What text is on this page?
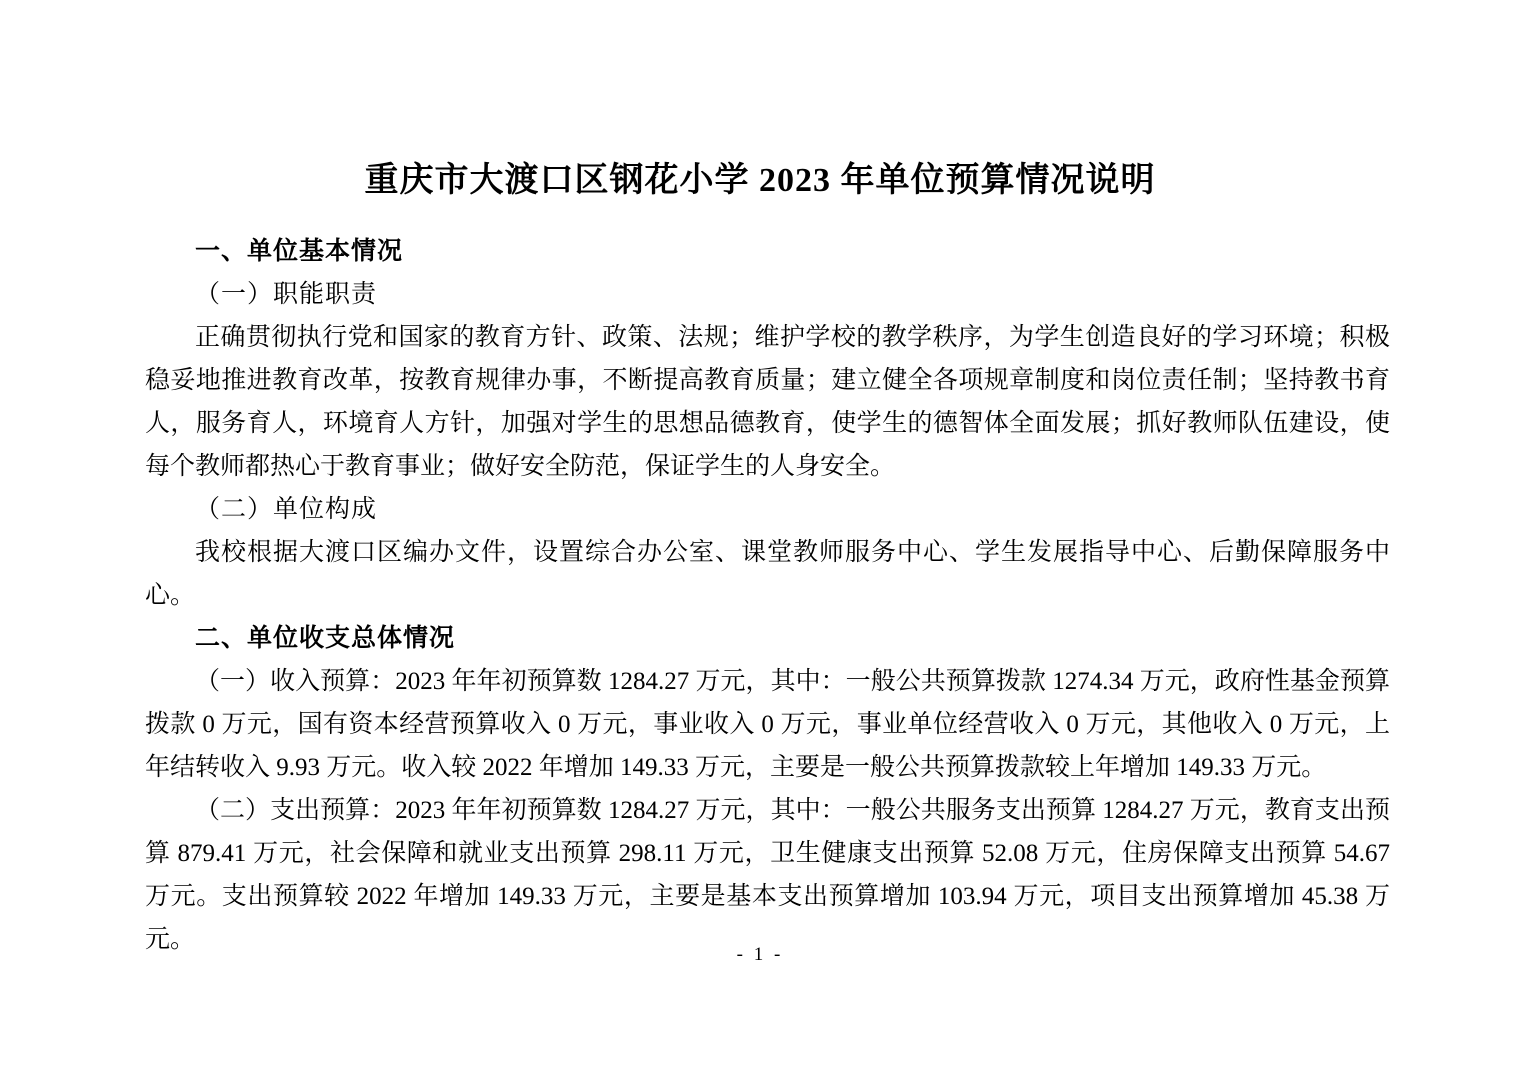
重庆市大渡口区钢花小学 2023 年单位预算情况说明

一、单位基本情况

（一）职能职责

正确贯彻执行党和国家的教育方针、政策、法规；维护学校的教学秩序，为学生创造良好的学习环境；积极稳妥地推进教育改革，按教育规律办事，不断提高教育质量；建立健全各项规章制度和岗位责任制；坚持教书育人，服务育人，环境育人方针，加强对学生的思想品德教育，使学生的德智体全面发展；抓好教师队伍建设，使每个教师都热心于教育事业；做好安全防范，保证学生的人身安全。

（二）单位构成

我校根据大渡口区编办文件，设置综合办公室、课堂教师服务中心、学生发展指导中心、后勤保障服务中心。

二、单位收支总体情况

（一）收入预算：2023 年年初预算数 1284.27 万元，其中：一般公共预算拨款 1274.34 万元，政府性基金预算拨款 0 万元，国有资本经营预算收入 0 万元，事业收入 0 万元，事业单位经营收入 0 万元，其他收入 0 万元，上年结转收入 9.93 万元。收入较 2022 年增加 149.33 万元，主要是一般公共预算拨款较上年增加 149.33 万元。

（二）支出预算：2023 年年初预算数 1284.27 万元，其中：一般公共服务支出预算 1284.27 万元，教育支出预算 879.41 万元，社会保障和就业支出预算 298.11 万元，卫生健康支出预算 52.08 万元，住房保障支出预算 54.67 万元。支出预算较 2022 年增加 149.33 万元，主要是基本支出预算增加 103.94 万元，项目支出预算增加 45.38 万元。

- 1 -
